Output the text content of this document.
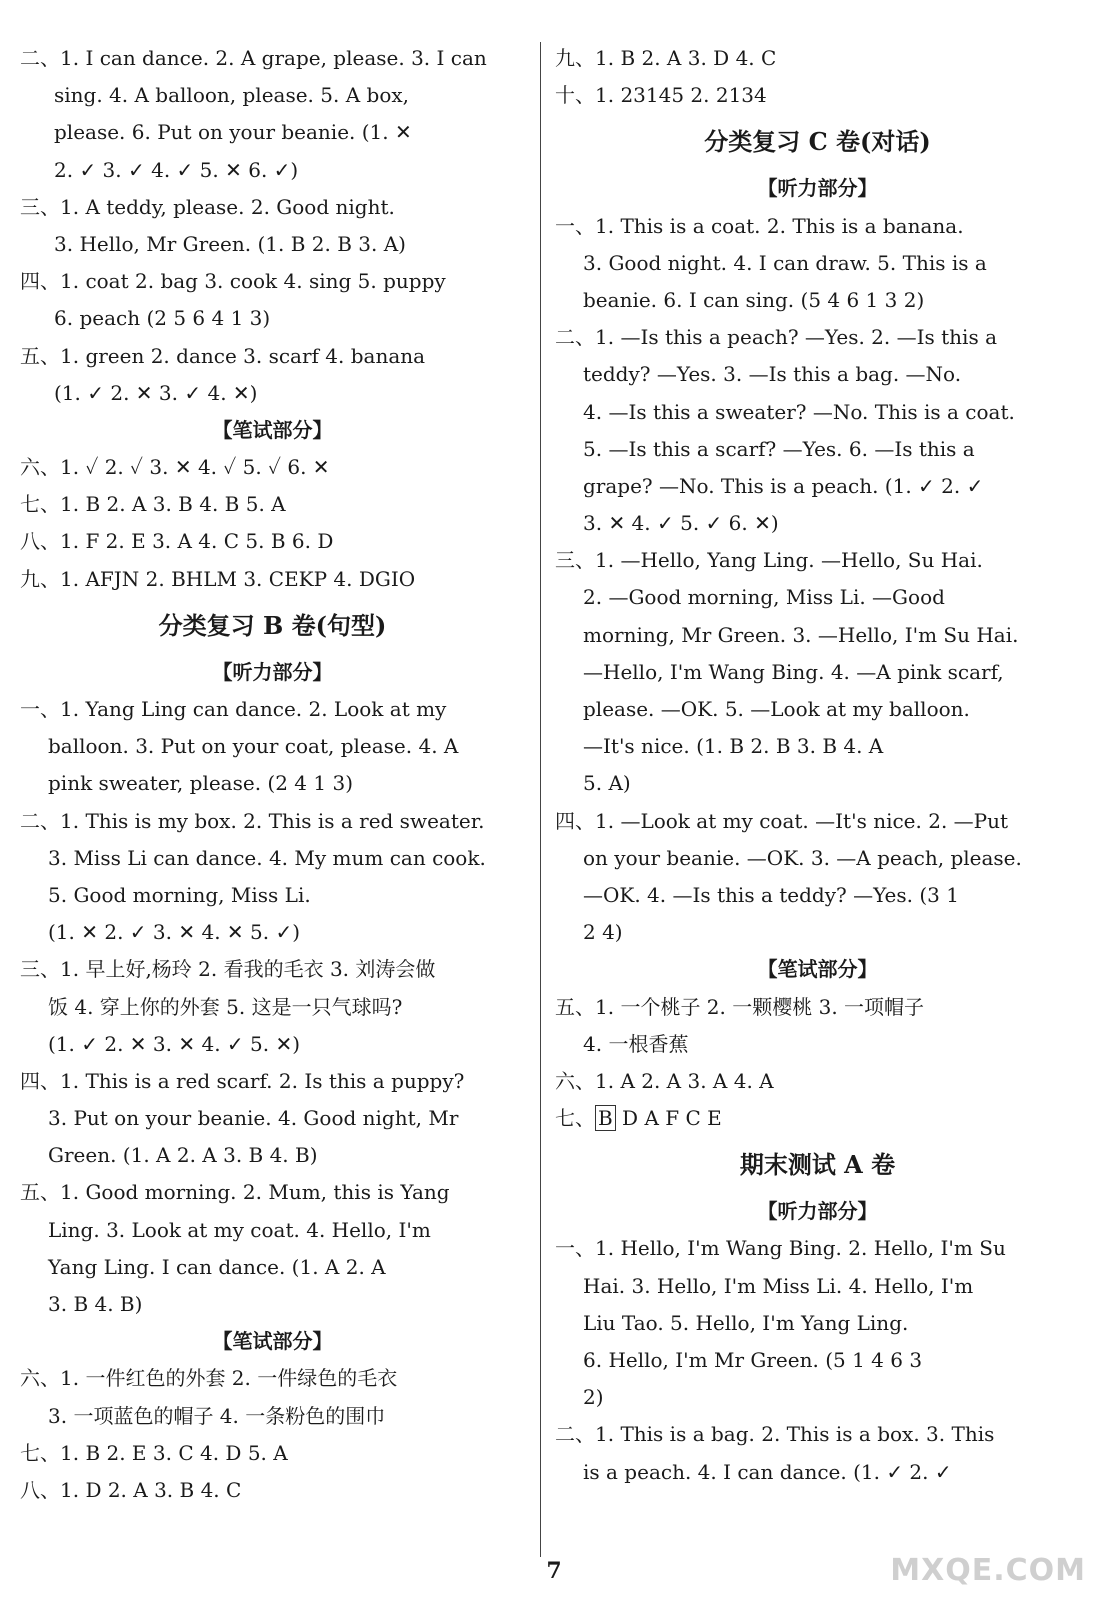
二、1. I can dance. 2. A grape, please. 3. I can
sing. 4. A balloon, please. 5. A box,
please. 6. Put on your beanie. (1. ✕
2. ✓ 3. ✓ 4. ✓ 5. ✕ 6. ✓)
三、1. A teddy, please. 2. Good night.
3. Hello, Mr Green. (1. B 2. B 3. A)
四、1. coat 2. bag 3. cook 4. sing 5. puppy
6. peach (2 5 6 4 1 3)
五、1. green 2. dance 3. scarf 4. banana
(1. ✓ 2. ✕ 3. ✓ 4. ✕)
【笔试部分】
六、1. ✓ 2. ✓ 3. ✕ 4. ✓ 5. ✓ 6. ✕
七、1. B 2. A 3. B 4. B 5. A
八、1. F 2. E 3. A 4. C 5. B 6. D
九、1. AFJN 2. BHLM 3. CEKP 4. DGIO
分类复习 B 卷(句型)
【听力部分】
一、1. Yang Ling can dance. 2. Look at my
balloon. 3. Put on your coat, please. 4. A
pink sweater, please. (2 4 1 3)
二、1. This is my box. 2. This is a red sweater.
3. Miss Li can dance. 4. My mum can cook.
5. Good morning, Miss Li.
(1. ✕ 2. ✓ 3. ✕ 4. ✕ 5. ✓)
三、1. 早上好,杨玲 2. 看我的毛衣 3. 刘涛会做
饭 4. 穿上你的外套 5. 这是一只气球吗?
(1. ✓ 2. ✕ 3. ✕ 4. ✓ 5. ✕)
四、1. This is a red scarf. 2. Is this a puppy?
3. Put on your beanie. 4. Good night, Mr
Green. (1. A 2. A 3. B 4. B)
五、1. Good morning. 2. Mum, this is Yang
Ling. 3. Look at my coat. 4. Hello, I'm
Yang Ling. I can dance. (1. A 2. A
3. B 4. B)
【笔试部分】
六、1. 一件红色的外套 2. 一件绿色的毛衣
3. 一项蓝色的帽子 4. 一条粉色的围巾
七、1. B 2. E 3. C 4. D 5. A
八、1. D 2. A 3. B 4. C
九、1. B 2. A 3. D 4. C
十、1. 23145 2. 2134
分类复习 C 卷(对话)
【听力部分】
一、1. This is a coat. 2. This is a banana.
3. Good night. 4. I can draw. 5. This is a
beanie. 6. I can sing. (5 4 6 1 3 2)
二、1. —Is this a peach? —Yes. 2. —Is this a
teddy? —Yes. 3. —Is this a bag. —No.
4. —Is this a sweater? —No. This is a coat.
5. —Is this a scarf? —Yes. 6. —Is this a
grape? —No. This is a peach. (1. ✓ 2. ✓
3. ✕ 4. ✓ 5. ✓ 6. ✕)
三、1. —Hello, Yang Ling. —Hello, Su Hai.
2. —Good morning, Miss Li. —Good
morning, Mr Green. 3. —Hello, I'm Su Hai.
—Hello, I'm Wang Bing. 4. —A pink scarf,
please. —OK. 5. —Look at my balloon.
—It's nice. (1. B 2. B 3. B 4. A
5. A)
四、1. —Look at my coat. —It's nice. 2. —Put
on your beanie. —OK. 3. —A peach, please.
—OK. 4. —Is this a teddy? —Yes. (3 1
2 4)
【笔试部分】
五、1. 一个桃子 2. 一颗樱桃 3. 一项帽子
4. 一根香蕉
六、1. A 2. A 3. A 4. A
七、 B D A F C E
期末测试 A 卷
【听力部分】
一、1. Hello, I'm Wang Bing. 2. Hello, I'm Su
Hai. 3. Hello, I'm Miss Li. 4. Hello, I'm
Liu Tao. 5. Hello, I'm Yang Ling.
6. Hello, I'm Mr Green. (5 1 4 6 3
2)
二、1. This is a bag. 2. This is a box. 3. This
is a peach. 4. I can dance. (1. ✓ 2. ✓
7	MXQE.COM
